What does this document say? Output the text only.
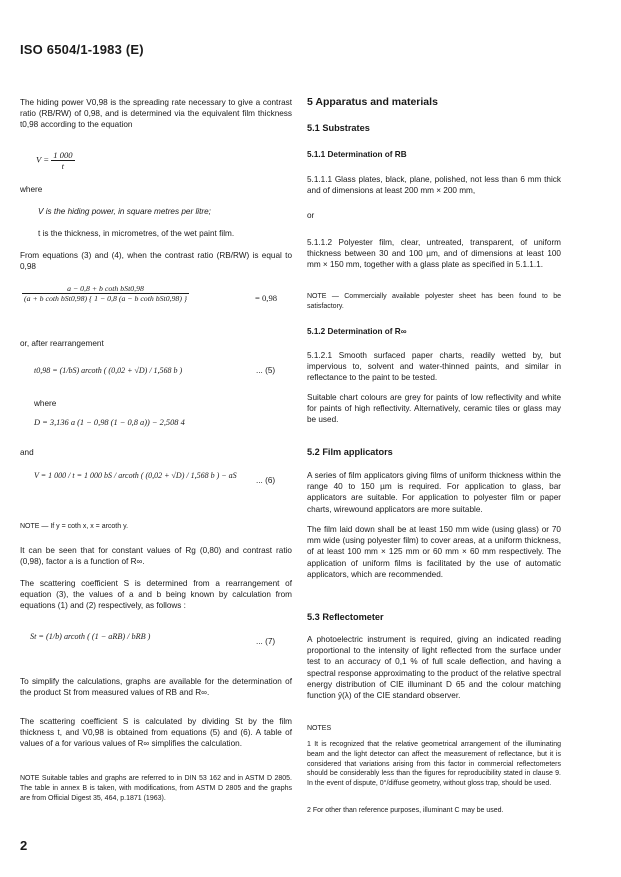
ISO 6504/1-1983 (E)

The hiding power V0,98 is the spreading rate necessary to give a contrast ratio (RB/RW) of 0,98, and is determined via the equivalent film thickness t0,98 according to the equation

$V = \frac{1 000}{t}$

where

V is the hiding power, in square metres per litre;

t is the thickness, in micrometres, of the wet paint film.

From equations (3) and (4), when the contrast ratio (RB/RW) is equal to 0,98

$\frac{\text{a − 0,8 + b coth bSt0,98}}{\text{(a + b coth bSt0,98) \{ 1 − 0,8 (a − b coth bSt0,98) \}}}$	= 0,98

or, after rearrangement

t0,98 = (1/bS) arcoth ( (0,02 + √D) / 1,568 b )	... (5)

where

D = 3,136 a (1 − 0,98 (1 − 0,8 a)) − 2,508 4

and

V = 1 000 / t = 1 000 bS / arcoth ( (0,02 + √D) / 1,568 b ) − aS
... (6)

NOTE — If y = coth x, x = arcoth y.

It can be seen that for constant values of Rg (0,80) and contrast ratio (0,98), factor a is a function of R∞.

The scattering coefficient S is determined from a rearrangement of equation (3), the values of a and b being known by calculation from equations (1) and (2) respectively, as follows :

St = (1/b) arcoth ( (1 − aRB) / bRB )
... (7)

To simplify the calculations, graphs are available for the determination of the product St from measured values of RB and R∞.

The scattering coefficient S is calculated by dividing St by the film thickness t, and V0,98 is obtained from equations (5) and (6). A table of values of a for various values of R∞ simplifies the calculation.

NOTE Suitable tables and graphs are referred to in DIN 53 162 and in ASTM D 2805. The table in annex B is taken, with modifications, from ASTM D 2805 and the graphs are from Official Digest 35, 464, p.1871 (1963).

2
5 Apparatus and materials
5.1 Substrates
5.1.1 Determination of RB

5.1.1.1 Glass plates, black, plane, polished, not less than 6 mm thick and of dimensions at least 200 mm × 200 mm,

or

5.1.1.2 Polyester film, clear, untreated, transparent, of uniform thickness between 30 and 100 µm, and of dimensions at least 100 mm × 150 mm, together with a glass plate as specified in 5.1.1.1.

NOTE — Commercially available polyester sheet has been found to be satisfactory.

5.1.2 Determination of R∞

5.1.2.1 Smooth surfaced paper charts, readily wetted by, but impervious to, solvent and water-thinned paints, and similar in reflectance to the paint to be tested.

Suitable chart colours are grey for paints of low reflectivity and white for paints of high reflectivity. Alternatively, ceramic tiles or glass may be used.

5.2 Film applicators

A series of film applicators giving films of uniform thickness within the range 40 to 150 µm is required. For application to glass, bar applicators are suitable. For application to polyester film or paper charts, wirewound applicators are more suitable.

The film laid down shall be at least 150 mm wide (using glass) or 70 mm wide (using polyester film) to cover areas, at a uniform thickness, of at least 100 mm × 125 mm or 60 mm × 60 mm respectively. The application of uniform films is facilitated by the use of automatic applicators, which are recommended.

5.3 Reflectometer

A photoelectric instrument is required, giving an indicated reading proportional to the intensity of light reflected from the surface under test to an accuracy of 0,1 % of full scale deflection, and having a spectral response approximating to the product of the relative spectral energy distribution of CIE illuminant D 65 and the colour matching function ȳ(λ) of the CIE standard observer.

NOTES

1 It is recognized that the relative geometrical arrangement of the illuminating beam and the light detector can affect the measurement of reflectance, but it is considered that variations arising from this factor in commercial reflectometers should be considerably less than the figures for reproducibility stated in clause 9. In the event of dispute, 0°/diffuse geometry, without gloss trap, should be used.

2 For other than reference purposes, illuminant C may be used.
